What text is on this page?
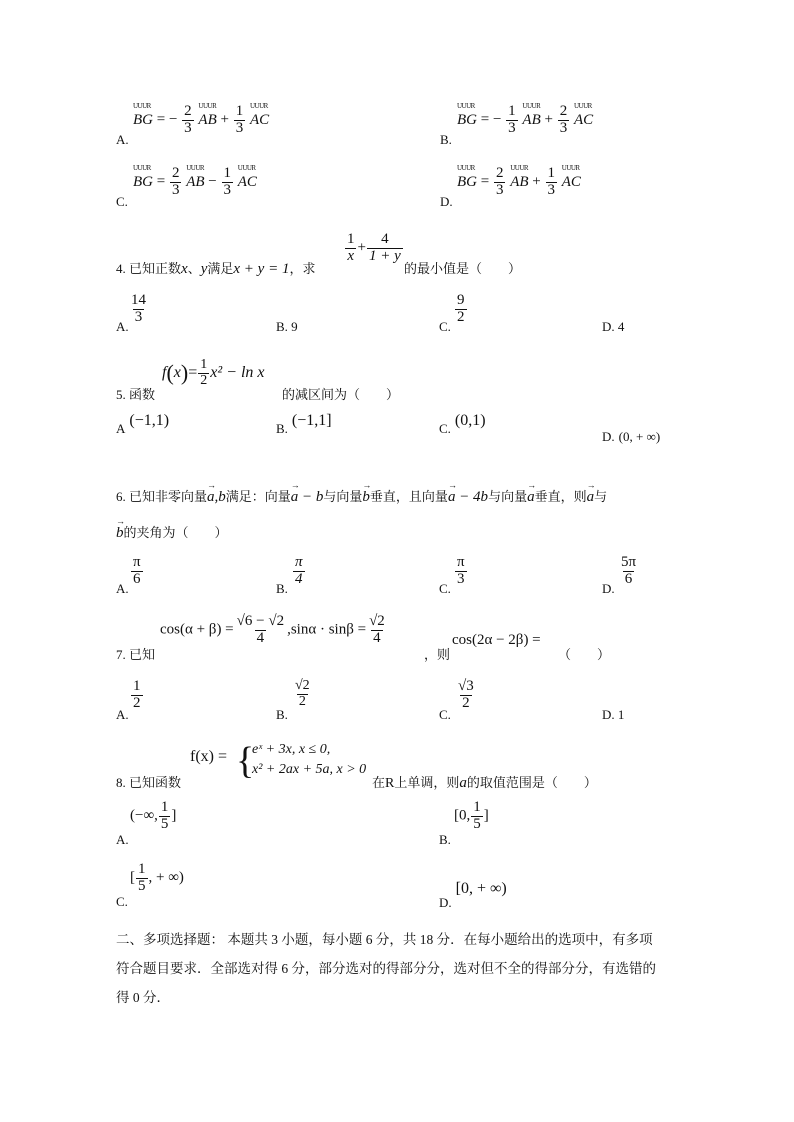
A.
UUUR
BG = − $\frac{2}{3}$
UUUR
AB + $\frac{1}{3}$
UUUR
AC
B.
UUUR
BG = − $\frac{1}{3}$
UUUR
AB + $\frac{2}{3}$
UUUR
AC
C.
UUUR
BG = $\frac{2}{3}$
UUUR
AB − $\frac{1}{3}$
UUUR
AC
D.
UUUR
BG = $\frac{2}{3}$
UUUR
AB + $\frac{1}{3}$
UUUR
AC
4. 已知正数x、y满足x + y = 1，求
$\frac{1}{x} + \frac{4}{1 + y}$
的最小值是（　　）
A.
$\frac{14}{3}$
B. 9	C.
$\frac{9}{2}$
D. 4
5. 函数
$f(x)= \frac{1}{2} x^2 - \ln x$
的减区间为（　　）
A (−1,1)	B. (−1,1]	C. (0,1)
D. (0, + ∞)
6. 已知非零向量→ a,b满足：向量→ a − b与向量→ b垂直，且向量→ a − 4b与向量→ a垂直，则→ a与
→ b的夹角为（　　）
A.
$\frac{\pi}{6}$
B.
$\frac{\pi}{4}$
C.
$\frac{\pi}{3}$
D.
$\frac{5\pi}{6}$
7. 已知
$\cos(\alpha + \beta) = \frac{√6 - √2}{4} ,\sin\alpha \cdot \sin\beta = \frac{√2}{4}$
，则
cos(2α − 2β) =
（　　）
A.
$\frac{1}{2}$
B.
$\frac{√2}{2}$
C.
$\frac{√3}{2}$
D. 1
8. 已知函数
f(x) = {
eˣ + 3x, x ≤ 0,
x² + 2ax + 5a, x > 0
在R上单调，则a的取值范围是（　　）
A.
(−∞, $\frac{1}{5}$ ]
B.
[0, $\frac{1}{5}$ ]
C.
[ $\frac{1}{5}$ , + ∞)
$_{D.}$ [0, + ∞)
二、多项选择题： 本题共 3 小题，每小题 6 分，共 18 分．在每小题给出的选项中，有多项
符合题目要求．全部选对得 6 分，部分选对的得部分分，选对但不全的得部分分，有选错的
得 0 分．
